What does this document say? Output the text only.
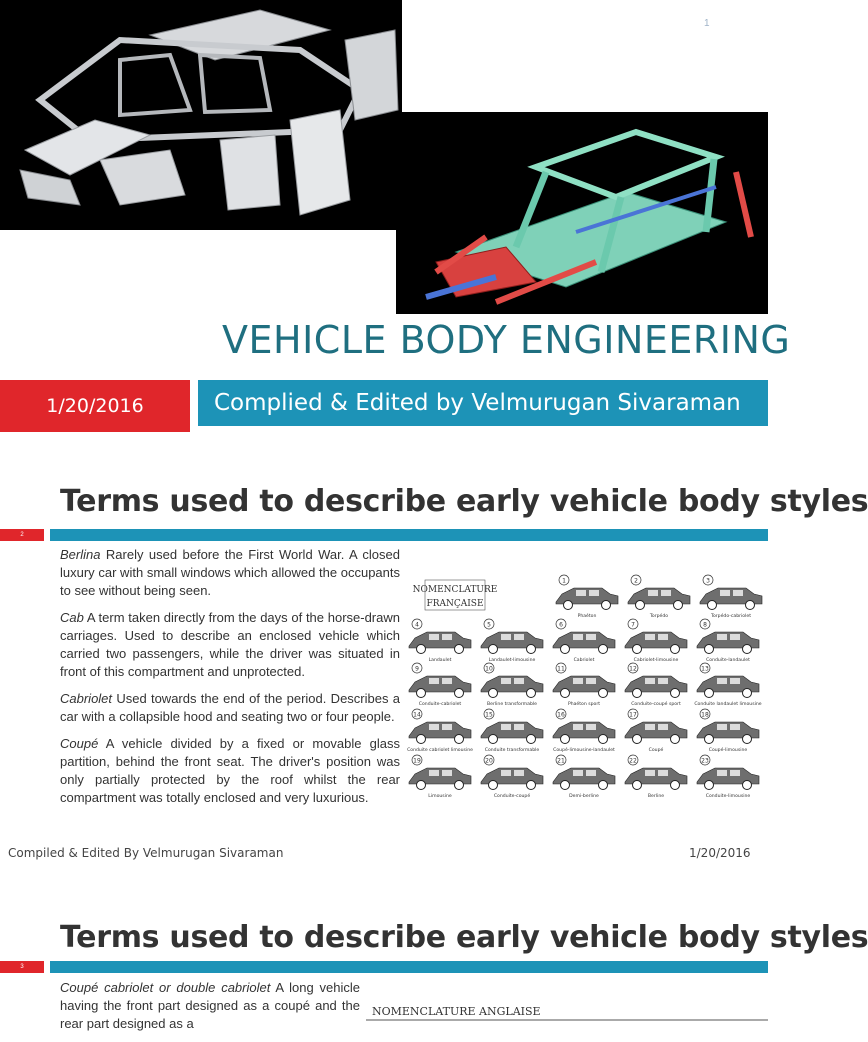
1
VEHICLE BODY ENGINEERING
1/20/2016	Complied & Edited by Velmurugan Sivaraman
Terms used to describe early vehicle body styles
2

Berlina Rarely used before the First World War. A closed luxury car with small windows which allowed the occupants to see without being seen.

Cab A term taken directly from the days of the horse-drawn carriages. Used to describe an enclosed vehicle which carried two passengers, while the driver was situated in front of this compartment and unprotected.

Cabriolet Used towards the end of the period. Describes a car with a collapsible hood and seating two or four people.

Coupé A vehicle divided by a fixed or movable glass partition, behind the front seat. The driver's position was only partially protected by the roof whilst the rear compartment was totally enclosed and very luxurious.

NOMENCLATURE
FRANÇAISE
1
Phaéton
2
Torpédo
3
Torpédo-cabriolet
4
Landaulet
5
Landaulet-limousine
6
Cabriolet
7
Cabriolet-limousine
8
Conduite-landaulet
9
Conduite-cabriolet
10
Berline transformable
11
Phaéton sport
12
Conduite-coupé sport
13
Conduite landaulet limousine
14
Conduite cabriolet limousine
15
Conduite transformable
16
Coupé-limousine-landaulet
17
Coupé
18
Coupé-limousine
19
Limousine
20
Conduite-coupé
21
Demi-berline
22
Berline
23
Conduite-limousine
Compiled & Edited By Velmurugan Sivaraman	1/20/2016
Terms used to describe early vehicle body styles
3

Coupé cabriolet or double cabriolet A long vehicle having the front part designed as a coupé and the rear part designed as a

NOMENCLATURE ANGLAISE
